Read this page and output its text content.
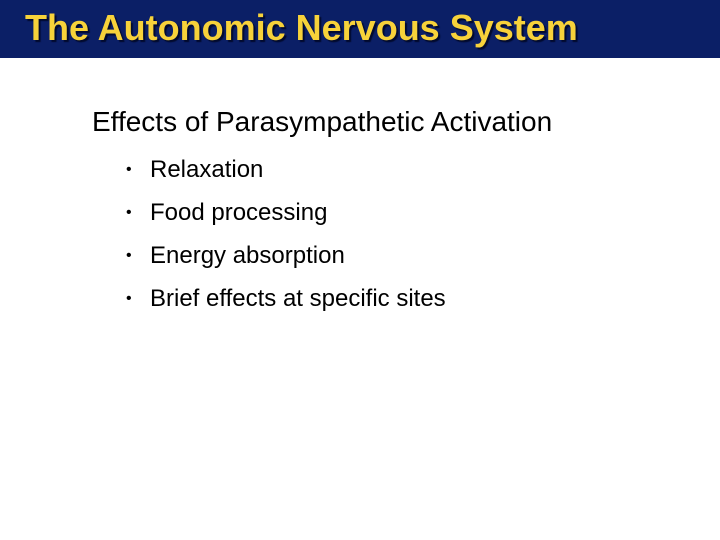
The Autonomic Nervous System
Effects of Parasympathetic Activation
• Relaxation
• Food processing
• Energy absorption
• Brief effects at specific sites
